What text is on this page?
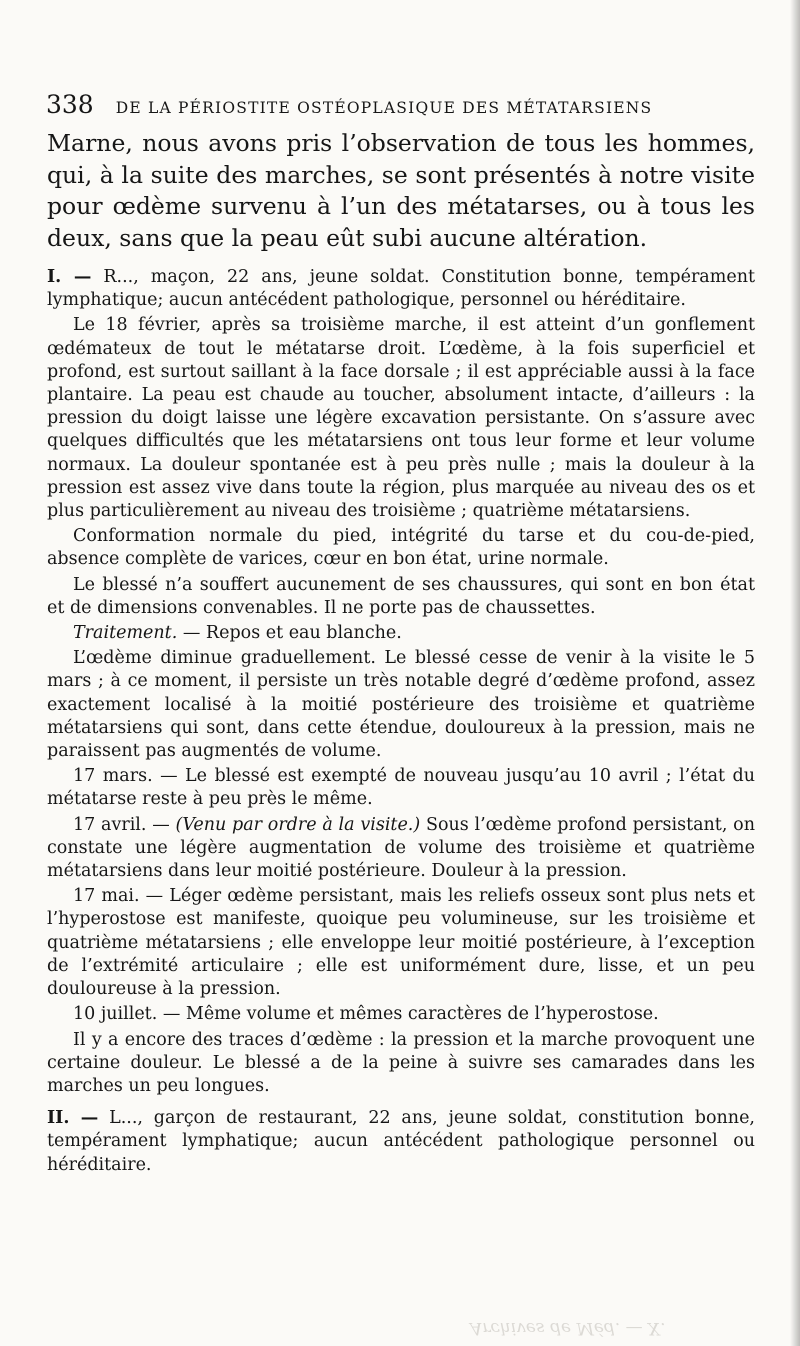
338 DE LA PÉRIOSTITE OSTÉOPLASIQUE DES MÉTATARSIENS

Marne, nous avons pris l’observation de tous les hommes, qui, à la suite des marches, se sont présentés à notre visite pour œdème survenu à l’un des métatarses, ou à tous les deux, sans que la peau eût subi aucune altération.

I. — R..., maçon, 22 ans, jeune soldat. Constitution bonne, tempérament lymphatique; aucun antécédent pathologique, personnel ou héréditaire.

Le 18 février, après sa troisième marche, il est atteint d’un gonflement œdémateux de tout le métatarse droit. L’œdème, à la fois superficiel et profond, est surtout saillant à la face dorsale ; il est appréciable aussi à la face plantaire. La peau est chaude au toucher, absolument intacte, d’ailleurs : la pression du doigt laisse une légère excavation persistante. On s’assure avec quelques difficultés que les métatarsiens ont tous leur forme et leur volume normaux. La douleur spontanée est à peu près nulle ; mais la douleur à la pression est assez vive dans toute la région, plus marquée au niveau des os et plus particulièrement au niveau des troisième ; quatrième métatarsiens.

Conformation normale du pied, intégrité du tarse et du cou-de-pied, absence complète de varices, cœur en bon état, urine normale.

Le blessé n’a souffert aucunement de ses chaussures, qui sont en bon état et de dimensions convenables. Il ne porte pas de chaussettes.

Traitement. — Repos et eau blanche.

L’œdème diminue graduellement. Le blessé cesse de venir à la visite le 5 mars ; à ce moment, il persiste un très notable degré d’œdème profond, assez exactement localisé à la moitié postérieure des troisième et quatrième métatarsiens qui sont, dans cette étendue, douloureux à la pression, mais ne paraissent pas augmentés de volume.

17 mars. — Le blessé est exempté de nouveau jusqu’au 10 avril ; l’état du métatarse reste à peu près le même.

17 avril. — (Venu par ordre à la visite.) Sous l’œdème profond persistant, on constate une légère augmentation de volume des troisième et quatrième métatarsiens dans leur moitié postérieure. Douleur à la pression.

17 mai. — Léger œdème persistant, mais les reliefs osseux sont plus nets et l’hyperostose est manifeste, quoique peu volumineuse, sur les troisième et quatrième métatarsiens ; elle enveloppe leur moitié postérieure, à l’exception de l’extrémité articulaire ; elle est uniformément dure, lisse, et un peu douloureuse à la pression.

10 juillet. — Même volume et mêmes caractères de l’hyperostose.

Il y a encore des traces d’œdème : la pression et la marche provoquent une certaine douleur. Le blessé a de la peine à suivre ses camarades dans les marches un peu longues.

II. — L..., garçon de restaurant, 22 ans, jeune soldat, constitution bonne, tempérament lymphatique; aucun antécédent pathologique personnel ou héréditaire.

Archives de Méd. — X.
